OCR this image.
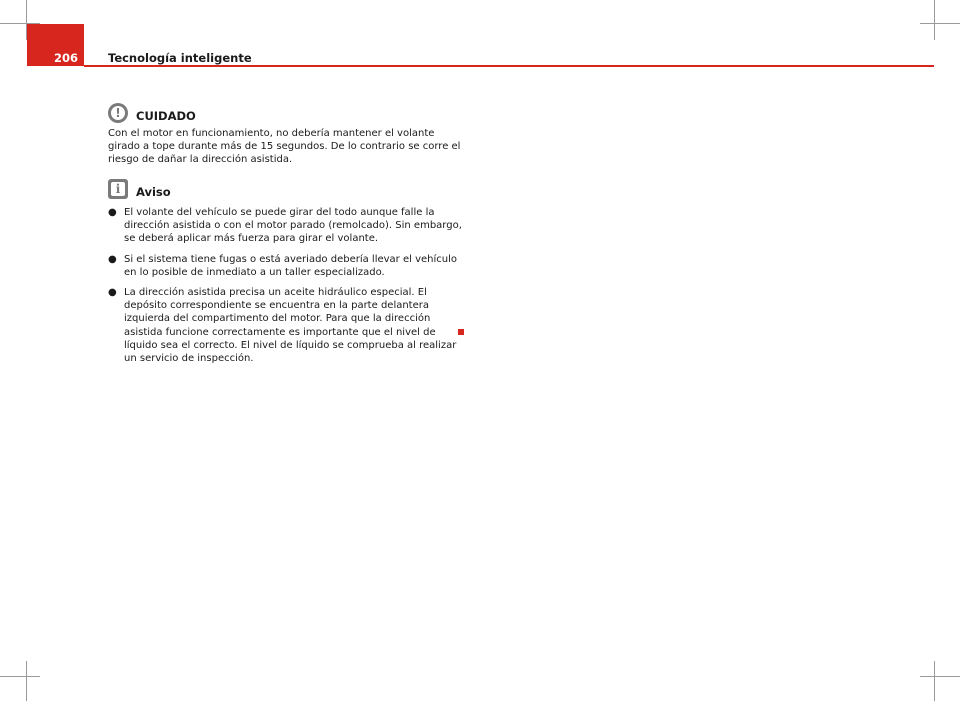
206	Tecnología inteligente
!	CUIDADO

Con el motor en funcionamiento, no debería mantener el volante girado a tope durante más de 15 segundos. De lo contrario se corre el riesgo de dañar la dirección asistida.

i	Aviso
● El volante del vehículo se puede girar del todo aunque falle la dirección asistida o con el motor parado (remolcado). Sin embargo, se deberá aplicar más fuerza para girar el volante.

● Si el sistema tiene fugas o está averiado debería llevar el vehículo en lo posible de inmediato a un taller especializado.

● La dirección asistida precisa un aceite hidráulico especial. El depósito correspondiente se encuentra en la parte delantera izquierda del compartimento del motor. Para que la dirección asistida funcione correctamente es importante que el nivel de líquido sea el correcto. El nivel de líquido se comprueba al realizar un servicio de inspección.
